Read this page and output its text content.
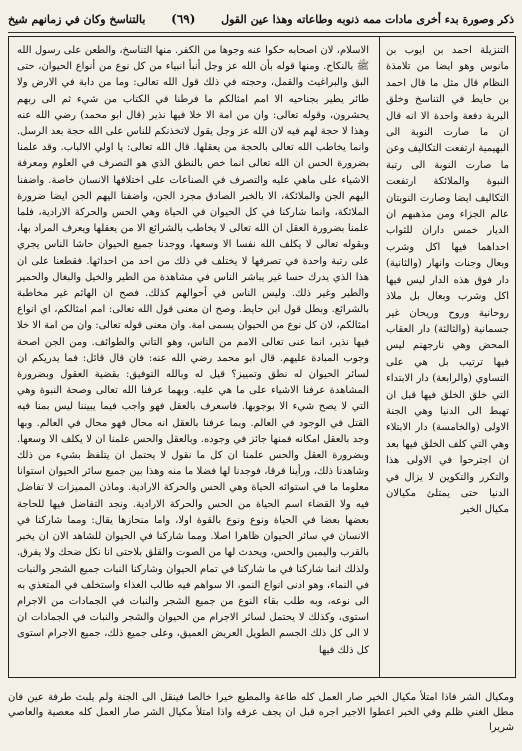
ذكر وصورة بدء أخرى مادات ممه ذنوبه وطاعاته وهذا عين القول
(٦٩)
بالتناسخ وكان في زمانهم شيخ

التنزيلة احمد بن ايوب بن مانوس وهو ايضا من تلامذة النظام قال مثل ما قال احمد بن حايط في التناسخ وخلق البرية دفعة واحدة الا انه قال ان ما صارت النوبة الى البهيمية ارتفعت التكاليف وعن ما صارت النوبة الى رتبة النبوة والملائكة ارتفعت التكاليف ايضا وصارت النوبتان عالم الجزاء ومن مذهبهم ان الديار خمس داران للثواب احداهما فيها اكل وشرب وبعال وجنات وانهار (والثانية) دار فوق هذه الدار ليس فيها اكل وشرب وبعال بل ملاذ روحانية وروح وريحان غير جسمانية (والثالثة) دار العقاب المحض وهي نارجهنم ليس فيها ترتيب بل هي على التساوي (والرابعة) دار الابتداء التي خلق الخلق فيها قبل ان تهبط الى الدنيا وهي الجنة الاولى (والخامسة) دار الابتلاء وهي التي كلف الخلق فيها بعد ان اجترحوا في الاولى هذا والتكرر والتكوين لا يزال في الدنيا حتى يمتلئ مكيالان مكيال الخير

الاسلام، لان اصحابه حكوا عنه وجوها من الكفر. منها التناسخ، والطعن على رسول الله ﷺ بالنكاح. ومنها قوله بأن الله عز وجل أنبأ انبياء من كل نوع من أنواع الحيوان، حتى البق والبراغيث والقمل، وحجته في ذلك قول الله تعالى: وما من دابة في الارض ولا طائر يطير بجناحيه الا امم امثالكم ما فرطنا في الكتاب من شيء ثم الى ربهم يحشرون، وقوله تعالى: وان من امة الا خلا فيها نذير (قال ابو محمد) رضي الله عنه وهذا لا حجة لهم فيه لان الله عز وجل يقول لاتخذنكم للناس على الله حجة بعد الرسل. وانما يخاطب الله تعالى بالحجة من يعقلها. قال الله تعالى: يا اولي الالباب. وقد علمنا بضرورة الحس ان الله تعالى انما خص بالنطق الذي هو التصرف في العلوم ومعرفة الاشياء على ماهي عليه والتصرف في الصناعات على اختلافها الانسان خاصة. واضفنا اليهم الجن والملائكة، الا بالخبر الصادق مجرد الجن، واضفنا اليهم الجن ايضا ضرورة الملائكة، وانما شاركنا في كل الحيوان في الحياة وهي الحس والحركة الارادية، فلما علمنا بضرورة العقل ان الله تعالى لا يخاطب بالشرائع الا من يعقلها ويعرف المراد بها، وبقوله تعالى لا يكلف الله نفسا الا وسعها، ووجدنا جميع الحيوان حاشا الناس يجري على رتبة واحدة في تصرفها لا يختلف في ذلك من احد من احداثها. فقطعنا على ان هذا الذي يدرك حسا غير يباشر الناس في مشاهدة من الطير والخيل والبغال والحمير والطير وغير ذلك. وليس الناس في أحوالهم كذلك. فصح ان الهائم غير مخاطبة بالشرائع. وبطل قول ابن حايط. وصح ان معنى قول الله تعالى: امم امثالكم، اي انواع امثالكم، لان كل نوع من الحيوان يسمى امة. وان معنى قوله تعالى: وان من امة الا خلا فيها نذير، انما عنى تعالى الامم من الناس، وهو التاني والطوائف. ومن الجن اصحة وجوب المبادة عليهم. قال ابو محمد رضي الله عنه: فان قال قائل: فما يدريكم ان لسائر الحيوان له نطق وتمييز؟ قيل له وبالله التوفيق: بقضية العقول وبضرورة المشاهدة عرفنا الاشياء على ما هي عليه. وبهما عرفنا الله تعالى وصحة النبوة وهي التي لا يصح شيء الا بوجوبها. فاسعرف بالعقل فهو واجب فيما يبيننا ليس بمنا فيه القتل في الوجود في العالم. وبما عرفنا بالعقل انه محال فهو محال في العالم. وبها وجد بالعقل امكانه فمنها جائز في وجوده. وبالعقل والحس علمنا ان لا يكلف الا وسعها. وبضرورة العقل والحس علمنا ان كل ما نقول لا يحتمل ان يتلفظ بشيء من ذلك وشاهدنا ذلك، ورأينا فرقا، فوجدنا لها فضلا ما منه وهذا بين جميع سائر الحيوان استوانا معلوما ما في استوائه الحياة وهي الحس والحركة الارادية. وماذن المميزات لا تفاضل فيه ولا القضاء اسم الحياة من الحس والحركة الارادية. ونجد التفاضل فيها للحاجة بعضها بعضا في الحياة ونوع ونوع بالقوة اولا، واما منحازها يقال: ومما شاركنا في الانسان في سائر الحيوان ظاهرا اصلا. ومما شاركنا في الحيوان للشاهد الان ان يخبر بالقرب واليمين والحس، ويحدث لها من الصوت والقلق بلاحتى انا نكل ضحك ولا يفرق. ولذلك انما شاركنا في ما شاركنا في تمام الحيوان وشاركنا النبات جميع الشجر والنبات في النماء، وهو ادنى انواع النمو، الا سواهم فيه طالب الغذاء واستخلف في المتغذي به الى نوعه، وبه طلب بقاء النوع من جميع الشجر والنبات في الجمادات من الاجرام استوى، وكذلك لا يحتمل لسائر الاجرام من الحيوان والشجر والنبات في الجمادات ان لا الى كل ذلك الجسم الطويل العريض العميق، وعلى جميع ذلك، جميع الاجرام استوى كل ذلك فيها

ومكيال الشر فاذا امتلأ مكيال الخير صار العمل كله طاعة والمطيع خيرا خالصا فينقل الى الجنة ولم يلبث طرفة عين فان مطل الغني ظلم وفي الخبر اعطوا الاجير اجره قبل ان يجف عرقه واذا امتلأ مكيال الشر صار العمل كله معصية والعاصي شريرا
